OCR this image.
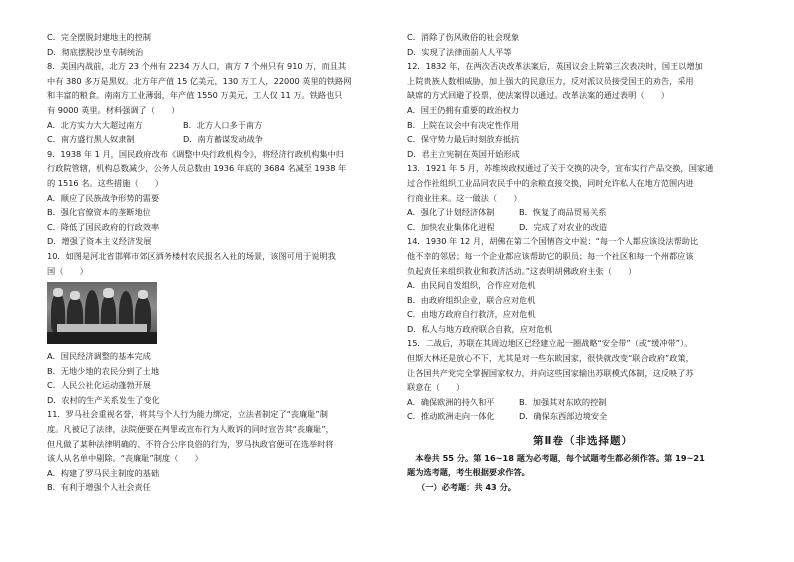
C．完全摆脱封建地主的控制
D．彻底摆脱沙皇专制统治
8．美国内战前，北方 23 个州有 2234 万人口，南方 7 个州只有 910 万，而且其
中有 380 多万是黑奴。北方年产值 15 亿美元，130 万工人，22000 英里的铁路网
和丰富的粮食。南南方工业薄弱，年产值 1550 万美元，工人仅 11 万。铁路也只
有 9000 英里。材料强调了（　　）
A．北方实力大大超过南方	B．北方人口多于南方
C．南方盛行黑人奴隶制	D．南方蓄谋发动战争
9．1938 年 1 月，国民政府改布《调整中央行政机构令》，将经济行政机构集中归
行政院管辖，机构总数减少，公务人员总数由 1936 年底的 3684 名减至 1938 年
的 1516 名。这些措施（　　）
A．顺应了民族战争形势的需要
B．强化官僚资本的垄断地位
C．降低了国民政府的行政效率
D．增强了资本主义经济发展
10．如图是河北省邯郸市郊区酒务楼村农民报名入社的场景，该图可用于说明我
国（　　）
A．国民经济调整的基本完成
B．无地少地的农民分到了土地
C．人民公社化运动蓬勃开展
D．农村的生产关系发生了变化
11．罗马社会重视名誉，将其与个人行为能力绑定，立法者制定了“丧廉耻”制
度。凡被记了法律，法院便要在判罪或宣布行为人败诉的同时宣告其“丧廉耻”，
但凡做了某种法律明确的、不符合公序良俗的行为，罗马执政官便可在选举时将
该人从名单中剔除。“丧廉耻”制度（　　）
A．构建了罗马民主制度的基础
B．有利于增强个人社会责任
C．消除了伤风败俗的社会现象
D．实现了法律面前人人平等
12．1832 年，在两次否决改革法案后，英国议会上院第三次表决时，国王以增加
上院贵族人数相威胁，加上强大的民意压力，反对派议员接受国王的劝告，采用
缺席的方式回避了投票，使法案得以通过。改革法案的通过表明（　　）
A．国王仍拥有重要的政治权力
B．上院在议会中有决定性作用
C．保守势力最后时刻放弃抵抗
D．君主立宪制在英国开始形成
13．1921 年 5 月，苏维埃政权通过了关于交换的决令，宣布实行产品交换，国家通
过合作社组织工业品同农民手中的余粮直接交换，同时允许私人在地方范围内进
行商业往来。这一做法（　　）
A．强化了计划经济体制	B．恢复了商品贸易关系
C．加快农业集体化进程	D．完成了对农业的改造
14．1930 年 12 月，胡佛在第二个国情咨文中说：“每一个人都应该设法帮助比
他不幸的邻居；每一个企业都应该帮助它的职员；每一个社区和每一个州都应该
负起责任来组织救业和救济活动。”这表明胡佛政府主张（　　）
A．由民间自发组织，合作应对危机
B．由政府组织企业，联合应对危机
C．由地方政府自行救济，应对危机
D．私人与地方政府联合自救，应对危机
15．二战后，苏联在其周边地区已经建立起一圈战略“安全带”（或“缓冲带”）。
但斯大林还是放心不下，尤其是对一些东欧国家，很快就改变“联合政府”政策，
让各国共产党完全掌握国家权力，并向这些国家输出苏联模式体制，这反映了苏
联意在（　　）
A．确保欧洲的持久和平	B．加强其对东欧的控制
C．推动欧洲走向一体化	D．确保东西部边境安全
第Ⅱ卷（非选择题）
　本卷共 55 分。第 16~18 题为必考题，每个试题考生都必须作答。第 19~21
题为选考题，考生根据要求作答。
（一）必考题：共 43 分。
